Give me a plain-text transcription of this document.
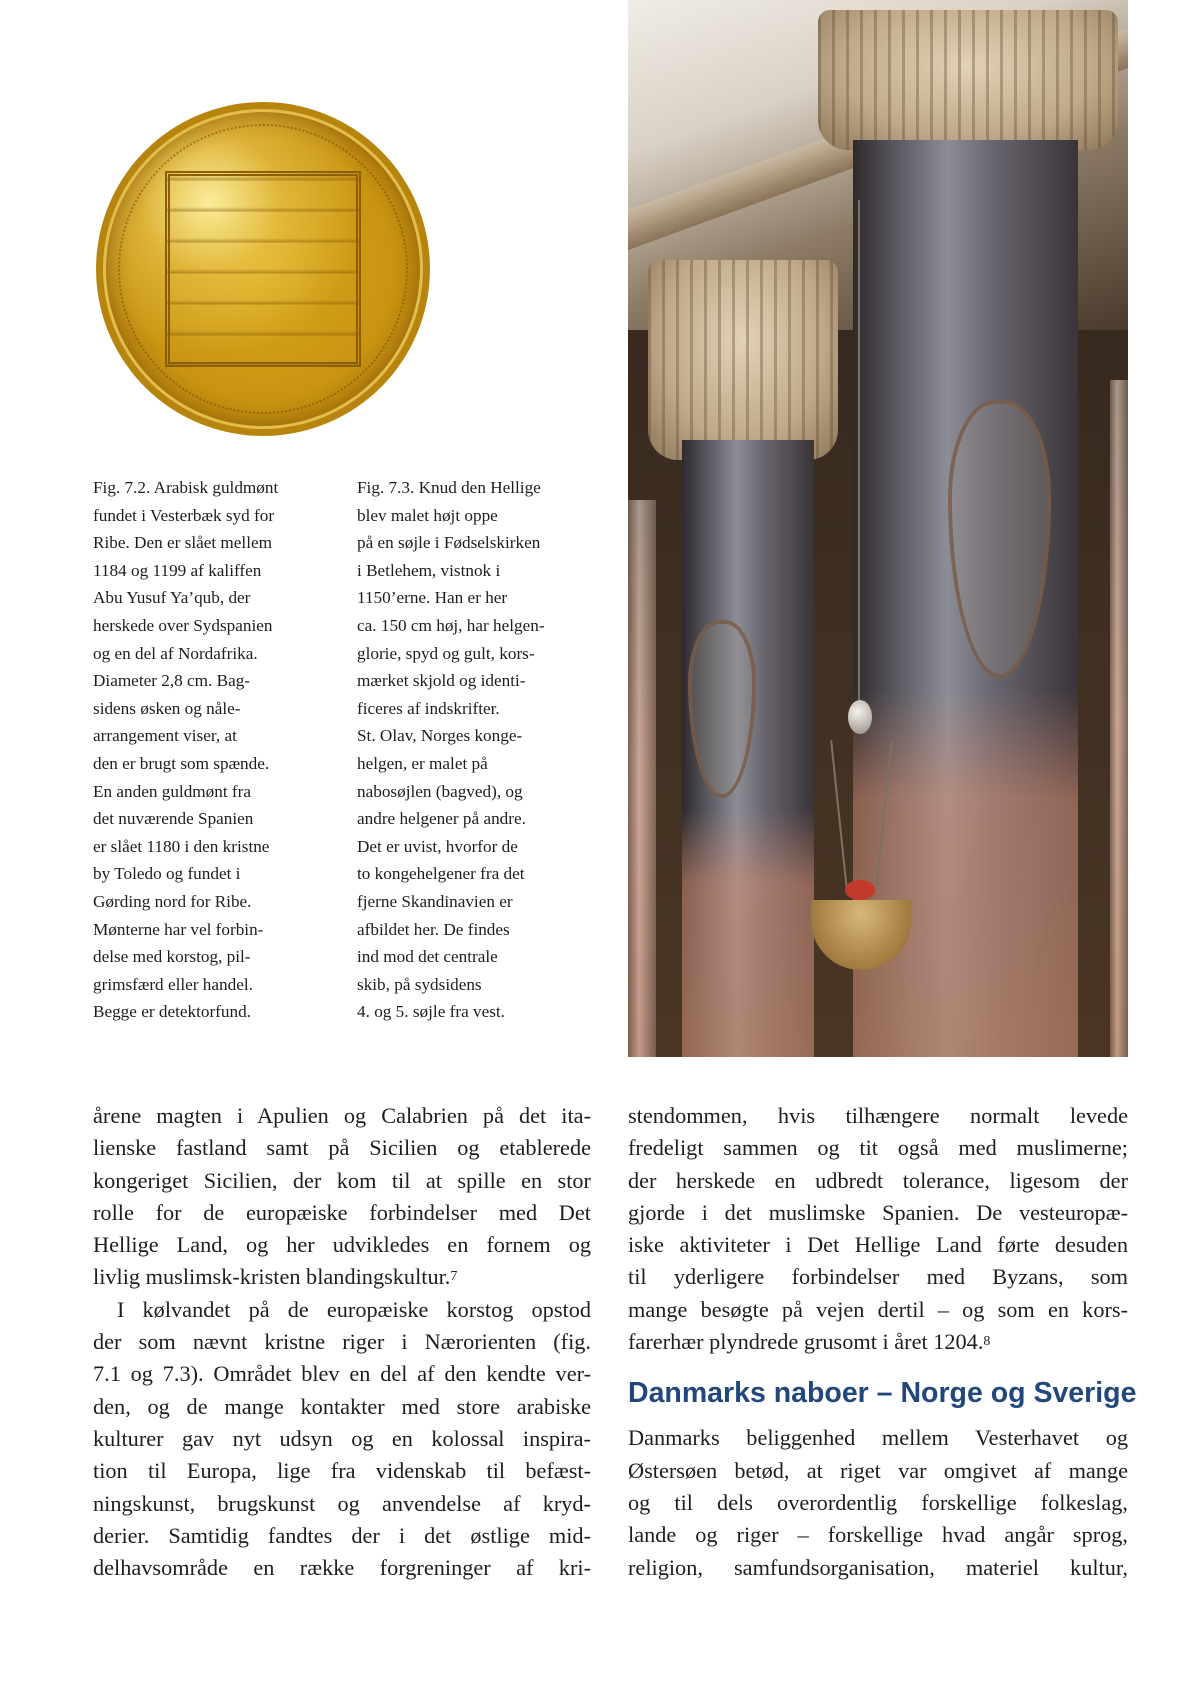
Fig. 7.2. Arabisk guldmønt
fundet i Vesterbæk syd for
Ribe. Den er slået mellem
1184 og 1199 af kaliffen
Abu Yusuf Ya’qub, der
herskede over Sydspanien
og en del af Nordafrika.
Diameter 2,8 cm. Bag-
sidens øsken og nåle-
arrangement viser, at
den er brugt som spænde.
En anden guldmønt fra
det nuværende Spanien
er slået 1180 i den kristne
by Toledo og fundet i
Gørding nord for Ribe.
Mønterne har vel forbin-
delse med korstog, pil-
grimsfærd eller handel.
Begge er detektorfund.
Fig. 7.3. Knud den Hellige
blev malet højt oppe
på en søjle i Fødselskirken
i Betlehem, vistnok i
1150’erne. Han er her
ca. 150 cm høj, har helgen-
glorie, spyd og gult, kors-
mærket skjold og identi-
ficeres af indskrifter.
St. Olav, Norges konge-
helgen, er malet på
nabosøjlen (bagved), og
andre helgener på andre.
Det er uvist, hvorfor de
to kongehelgener fra det
fjerne Skandinavien er
afbildet her. De findes
ind mod det centrale
skib, på sydsidens
4. og 5. søjle fra vest.
årene magten i Apulien og Calabrien på det ita-
lienske fastland samt på Sicilien og etablerede
kongeriget Sicilien, der kom til at spille en stor
rolle for de europæiske forbindelser med Det
Hellige Land, og her udvikledes en fornem og
livlig muslimsk-kristen blandingskultur.$^7$
I kølvandet på de europæiske korstog opstod
der som nævnt kristne riger i Nærorienten (fig.
7.1 og 7.3). Området blev en del af den kendte ver-
den, og de mange kontakter med store arabiske
kulturer gav nyt udsyn og en kolossal inspira-
tion til Europa, lige fra videnskab til befæst-
ningskunst, brugskunst og anvendelse af kryd-
derier. Samtidig fandtes der i det østlige mid-
delhavsområde en række forgreninger af kri-
stendommen, hvis tilhængere normalt levede
fredeligt sammen og tit også med muslimerne;
der herskede en udbredt tolerance, ligesom der
gjorde i det muslimske Spanien. De vesteuropæ-
iske aktiviteter i Det Hellige Land førte desuden
til yderligere forbindelser med Byzans, som
mange besøgte på vejen dertil – og som en kors-
farerhær plyndrede grusomt i året 1204.$^8$
Danmarks naboer – Norge og Sverige
Danmarks beliggenhed mellem Vesterhavet og
Østersøen betød, at riget var omgivet af mange
og til dels overordentlig forskellige folkeslag,
lande og riger – forskellige hvad angår sprog,
religion, samfundsorganisation, materiel kultur,
